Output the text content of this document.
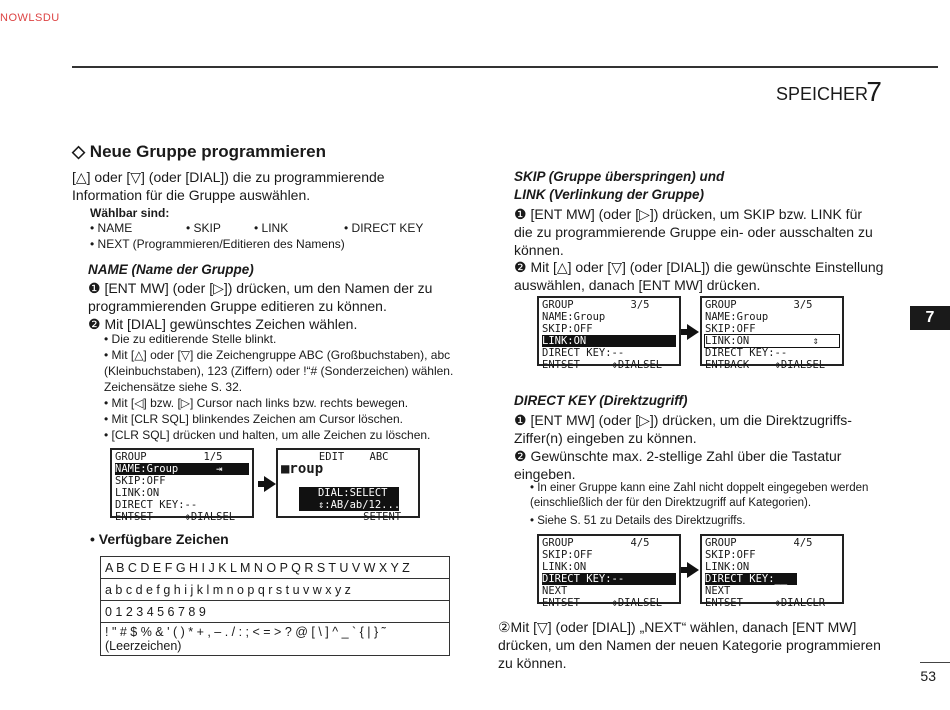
NOWLSDU
SPEICHER
7
◇ Neue Gruppe programmieren
[△] oder [▽] (oder [DIAL]) die zu programmierende Information für die Gruppe auswählen.
Wählbar sind:
• NAME	• SKIP	• LINK	• DIRECT KEY
• NEXT (Programmieren/Editieren des Namens)
NAME (Name der Gruppe)
❶ [ENT MW] (oder [▷]) drücken, um den Namen der zu programmierenden Gruppe editieren zu können.
❷ Mit [DIAL] gewünschtes Zeichen wählen.
• Die zu editierende Stelle blinkt.
• Mit [△] oder [▽] die Zeichengruppe ABC (Großbuchstaben), abc (Kleinbuchstaben), 123 (Ziffern) oder !“# (Sonderzeichen) wählen. Zeichensätze siehe S. 32.
• Mit [◁] bzw. [▷] Cursor nach links bzw. rechts bewegen.
• Mit [CLR SQL] blinkendes Zeichen am Cursor löschen.
• [CLR SQL] drücken und halten, um alle Zeichen zu löschen.
GROUP         1/5
NAME:Group      ⇥
SKIP:OFF
LINK:ON
DIRECT KEY:--
ENTSET     ⇕DIALSEL
EDIT    ABC
■roup
DIAL:SELECT
⇕:AB/ab/12...
SETENT
• Verfügbare Zeichen
A B C D E F G H I J K L M N O P Q R S T U V W X Y Z
a b c d e f g h i j k l m n o p q r s t u v w x y z
0 1 2 3 4 5 6 7 8 9
! " # $ % & ' ( ) * + , – . / : ; < = > ? @ [ \ ] ^ _ ` { | } ˜ (Leerzeichen)
SKIP (Gruppe überspringen) und
LINK (Verlinkung der Gruppe)
❶ [ENT MW] (oder [▷]) drücken, um SKIP bzw. LINK für die zu programmierende Gruppe ein- oder ausschalten zu können.
❷ Mit [△] oder [▽] (oder [DIAL]) die gewünschte Einstellung auswählen, danach [ENT MW] drücken.
GROUP         3/5
NAME:Group
SKIP:OFF
LINK:ON
DIRECT KEY:--
ENTSET     ⇕DIALSEL
GROUP         3/5
NAME:Group
SKIP:OFF
LINK:ON          ⇕
DIRECT KEY:--
ENTBACK    ⇕DIALSEL
DIRECT KEY (Direktzugriff)
❶ [ENT MW] (oder [▷]) drücken, um die Direktzugriffs-Ziffer(n) eingeben zu können.
❷ Gewünschte max. 2-stellige Zahl über die Tastatur eingeben.
• In einer Gruppe kann eine Zahl nicht doppelt eingegeben werden (einschließlich der für den Direktzugriff auf Kategorien).
• Siehe S. 51 zu Details des Direktzugriffs.
GROUP         4/5
SKIP:OFF
LINK:ON
DIRECT KEY:--
NEXT
ENTSET     ⇕DIALSEL
GROUP         4/5
SKIP:OFF
LINK:ON
DIRECT KEY:__
NEXT
ENTSET     ⇕DIALCLR
②Mit [▽] (oder [DIAL]) „NEXT“ wählen, danach [ENT MW] drücken, um den Namen der neuen Kategorie programmieren zu können.
7
53
